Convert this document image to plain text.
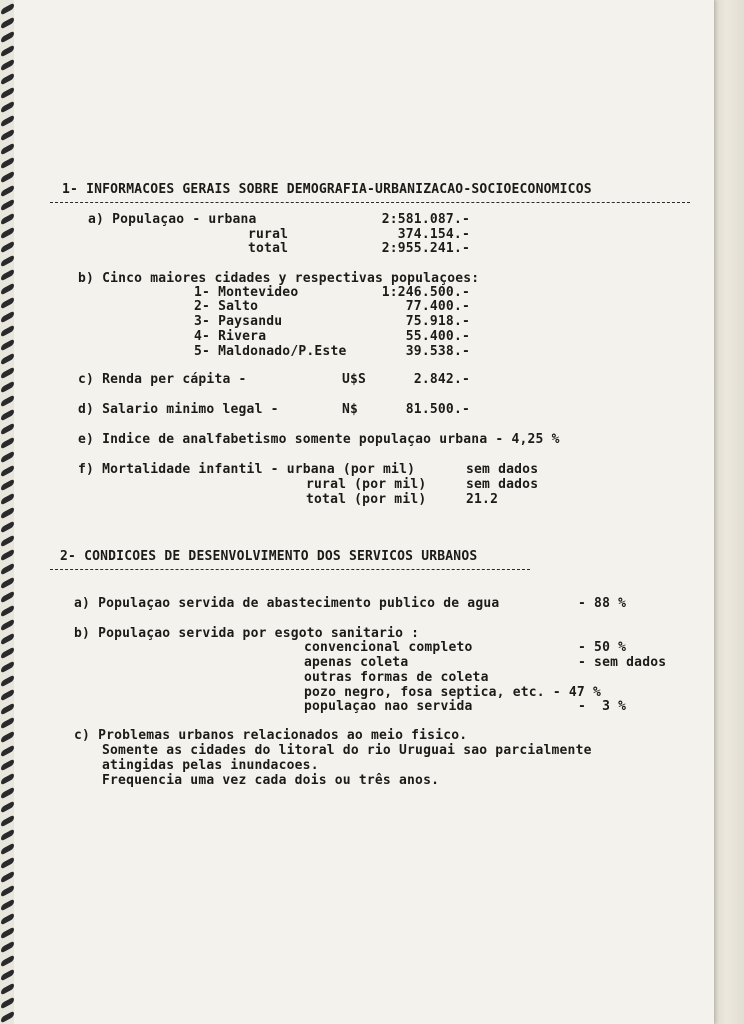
1- INFORMACOES GERAIS SOBRE DEMOGRAFIA-URBANIZACAO-SOCIOECONOMICOS
a) Populaçao - urbana	2:581.087.-
rural	374.154.-
total	2:955.241.-
b) Cinco maiores cidades y respectivas populaçoes:
1- Montevideo	1:246.500.-
2- Salto	77.400.-
3- Paysandu	75.918.-
4- Rivera	55.400.-
5- Maldonado/P.Este	39.538.-
c) Renda per cápita -	U$S	2.842.-
d) Salario minimo legal -	N$	81.500.-
e) Indice de analfabetismo somente populaçao urbana - 4,25 %
f) Mortalidade infantil - urbana (por mil)	sem dados
rural (por mil)	sem dados
total (por mil)	21.2
2- CONDICOES DE DESENVOLVIMENTO DOS SERVICOS URBANOS
a) Populaçao servida de abastecimento publico de agua	- 88 %
b) Populaçao servida por esgoto sanitario :
convencional completo	- 50 %
apenas coleta	- sem dados
outras formas de coleta
pozo negro, fosa septica, etc. - 47 %
populaçao nao servida	-  3 %
c) Problemas urbanos relacionados ao meio fisico.
Somente as cidades do litoral do rio Uruguai sao parcialmente
atingidas pelas inundacoes.
Frequencia uma vez cada dois ou três anos.
